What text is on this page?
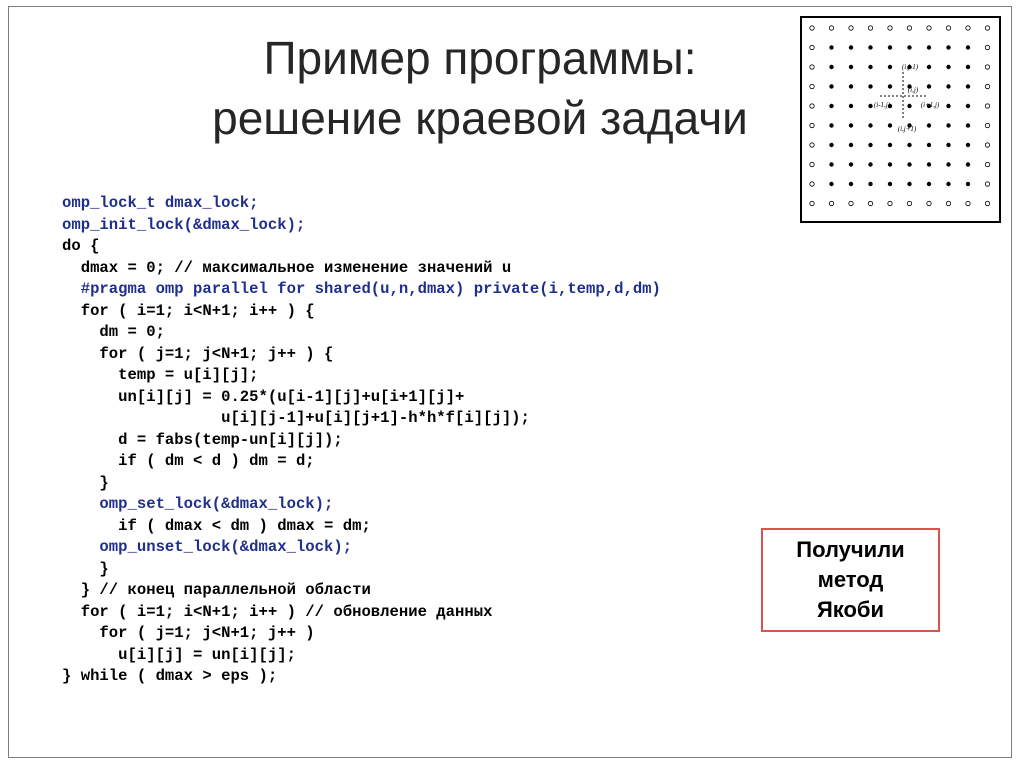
Пример программы:
решение краевой задачи
(i,j-1)
(i,j)
(i-1,j)	(i+1,j)
(i,j+1)
omp_lock_t dmax_lock;
omp_init_lock(&dmax_lock);
do {
dmax = 0; // максимальное изменение значений u
#pragma omp parallel for shared(u,n,dmax) private(i,temp,d,dm)
for ( i=1; i<N+1; i++ ) {
dm = 0;
for ( j=1; j<N+1; j++ ) {
temp = u[i][j];
un[i][j] = 0.25*(u[i-1][j]+u[i+1][j]+
u[i][j-1]+u[i][j+1]-h*h*f[i][j]);
d = fabs(temp-un[i][j]);
if ( dm < d ) dm = d;
}
omp_set_lock(&dmax_lock);
if ( dmax < dm ) dmax = dm;
omp_unset_lock(&dmax_lock);
}
} // конец параллельной области
for ( i=1; i<N+1; i++ ) // обновление данных
for ( j=1; j<N+1; j++ )
u[i][j] = un[i][j];
} while ( dmax > eps );
Получили
метод
Якоби
